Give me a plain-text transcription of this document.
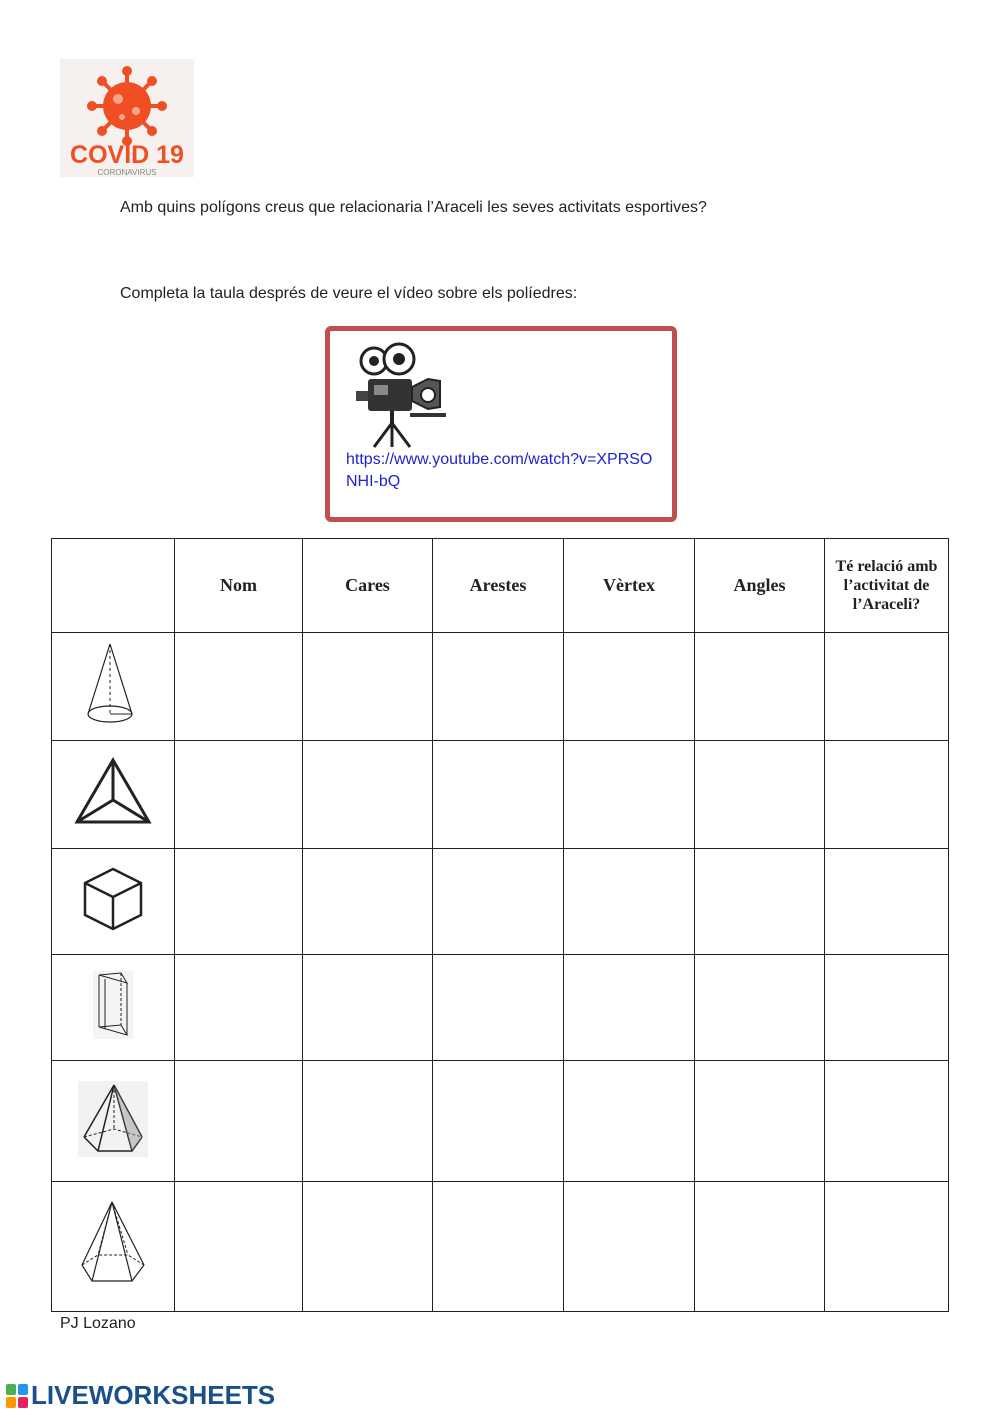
COVID 19
CORONAVIRUS
Amb quins polígons creus que relacionaria l’Araceli les seves activitats esportives?
Completa la taula després de veure el vídeo sobre els políedres:
https://www.youtube.com/watch?v=XPRSONHI-bQ
	Nom	Cares	Arestes	Vèrtex	Angles	Té relació amb l’activitat de l’Araceli?

PJ Lozano
LIVEWORKSHEETS
